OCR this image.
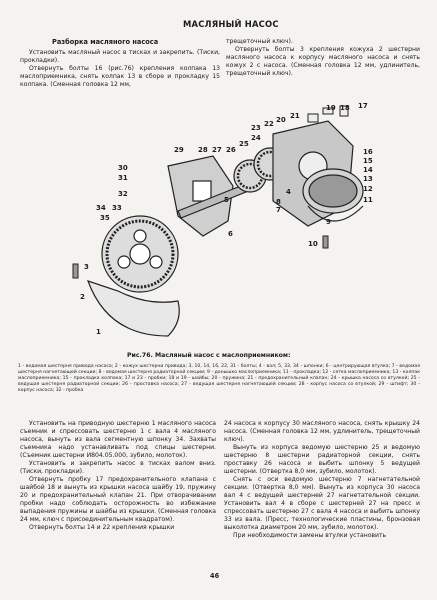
МАСЛЯНЫЙ НАСОС

Разборка масляного насоса

Установить масляный насос в тисках и закрепить. (Тиски, прокладки).

Отвернуть болты 16 (рис.76) крепления колпака 13 маслоприемника, снять колпак 13 в сборе и прокладку 15 колпака. (Сменная головка 12 мм,

трещеточный ключ).

Отвернуть болты 3 крепления кожуха 2 шестерни масляного насоса к корпусу масляного насоса и снять кожух 2 с насоса. (Сменная головка 12 мм, удлинитель, трещеточный ключ).

19 18 17
22
23
20 21
24
25
29 28 27 26	16
15
14
13
12
11
30
31
32
34 33
35
5
7
8
4
6
9
10
3
2
1
Рис.76. Масляный насос с маслоприемником:
1 - ведомая шестерня привода насоса; 2 - кожух шестерни привода; 3, 10, 14, 16, 22, 31 - болты; 4 - вал; 5, 33, 34 - шпонки; 6 - центрирующая втулка; 7 - ведомая шестерня нагнетающей секции; 8 - ведомая шестерня радиаторной секции; 9 - донышко маслоприемника; 11 - прокладка; 12 - сетка маслоприемника; 13 - колпак маслоприемника; 15 - прокладка колпака; 17 и 23 - пробки; 18 и 19 - шайбы; 20 - пружина; 21 - предохранительный клапан; 24 - крышка насоса со втулкой; 25 - ведущая шестерня радиаторной секции; 26 - проставка насоса; 27 - ведущая шестерня нагнетающей секции; 28 - корпус насоса со втулкой; 29 - штифт; 30 - корпус насоса; 32 - пробка

Установить на приводную шестерню 1 масляного насоса съемник и спрессовать шестерню 1 с вала 4 масляного насоса, вынуть из вала сегментную шпонку 34. Захваты съемника надо устанавливать под спицы шестерни. (Съемник шестерни И804.05.000, зубило, молоток).

Установить и закрепить насос в тисках валом вниз. (Тиски, прокладки).

Отвернуть пробку 17 предохранительного клапана с шайбой 18 и вынуть из крышки насоса шайбу 19, пружину 20 и предохранительный клапан 21. При отворачивании пробки надо соблюдать осторожность во избежание выпадения пружины и шайбы из крышки. (Сменная головка 24 мм, ключ с присоединительным квадратом).

Отвернуть болты 14 и 22 крепления крышки

24 насоса к корпусу 30 масляного насоса, снять крышку 24 насоса. (Сменная головка 12 мм, удлинитель, трещеточный ключ).

Вынуть из корпуса ведомую шестерню 25 и ведомую шестерню 8 шестерни радиаторной секции, снять проставку 26 насоса и выбить шпонку 5 ведущей шестерни. (Отвертка 8,0 мм, зубило, молоток).

Снять с оси ведомую шестерню 7 нагнетательной секции. (Отвертка 8,0 мм). Вынуть из корпуса 30 насоса вал 4 с ведущей шестерней 27 нагнетательной секции. Установить вал 4 в сборе с шестерней 27 на пресс и спрессовать шестерню 27 с вала 4 насоса и выбить шпонку 33 из вала. (Пресс, технологические пластины, бронзовая выколотка диаметром 20 мм, зубило, молоток).

При необходимости замены втулки установить

46
